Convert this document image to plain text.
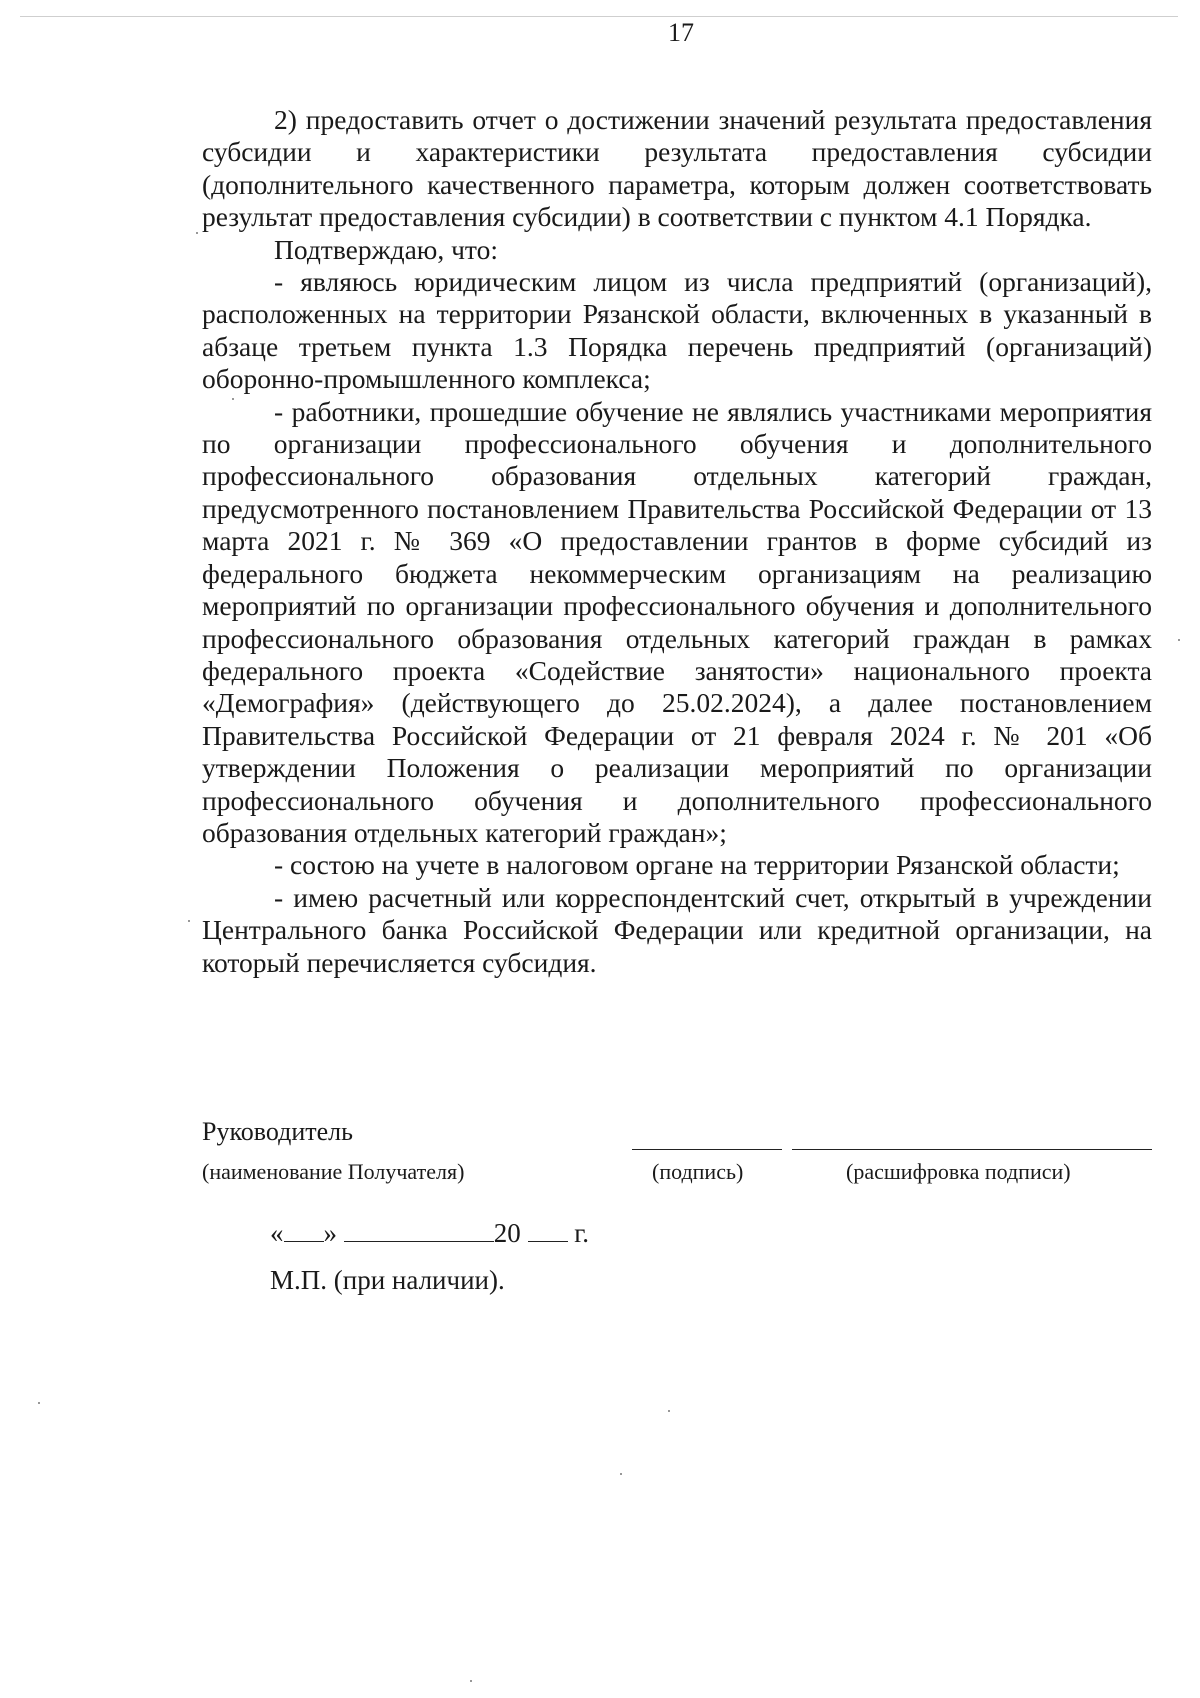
17

2) предоставить отчет о достижении значений результата предоставления субсидии и характеристики результата предоставления субсидии (дополнительного качественного параметра, которым должен соответствовать результат предоставления субсидии) в соответствии с пунктом 4.1 Порядка.

Подтверждаю, что:

- являюсь юридическим лицом из числа предприятий (организаций), расположенных на территории Рязанской области, включенных в указанный в абзаце третьем пункта 1.3 Порядка перечень предприятий (организаций) оборонно-промышленного комплекса;

- работники, прошедшие обучение не являлись участниками мероприятия по организации профессионального обучения и дополнительного профессионального образования отдельных категорий граждан, предусмотренного постановлением Правительства Российской Федерации от 13 марта 2021 г. № 369 «О предоставлении грантов в форме субсидий из федерального бюджета некоммерческим организациям на реализацию мероприятий по организации профессионального обучения и дополнительного профессионального образования отдельных категорий граждан в рамках федерального проекта «Содействие занятости» национального проекта «Демография» (действующего до 25.02.2024), а далее постановлением Правительства Российской Федерации от 21 февраля 2024 г. № 201 «Об утверждении Положения о реализации мероприятий по организации профессионального обучения и дополнительного профессионального образования отдельных категорий граждан»;

- состою на учете в налоговом органе на территории Рязанской области;

- имею расчетный или корреспондентский счет, открытый в учреждении Центрального банка Российской Федерации или кредитной организации, на который перечисляется субсидия.

Руководитель
(наименование Получателя)	(подпись)	(расшифровка подписи)
« »	20 г.
М.П. (при наличии).
